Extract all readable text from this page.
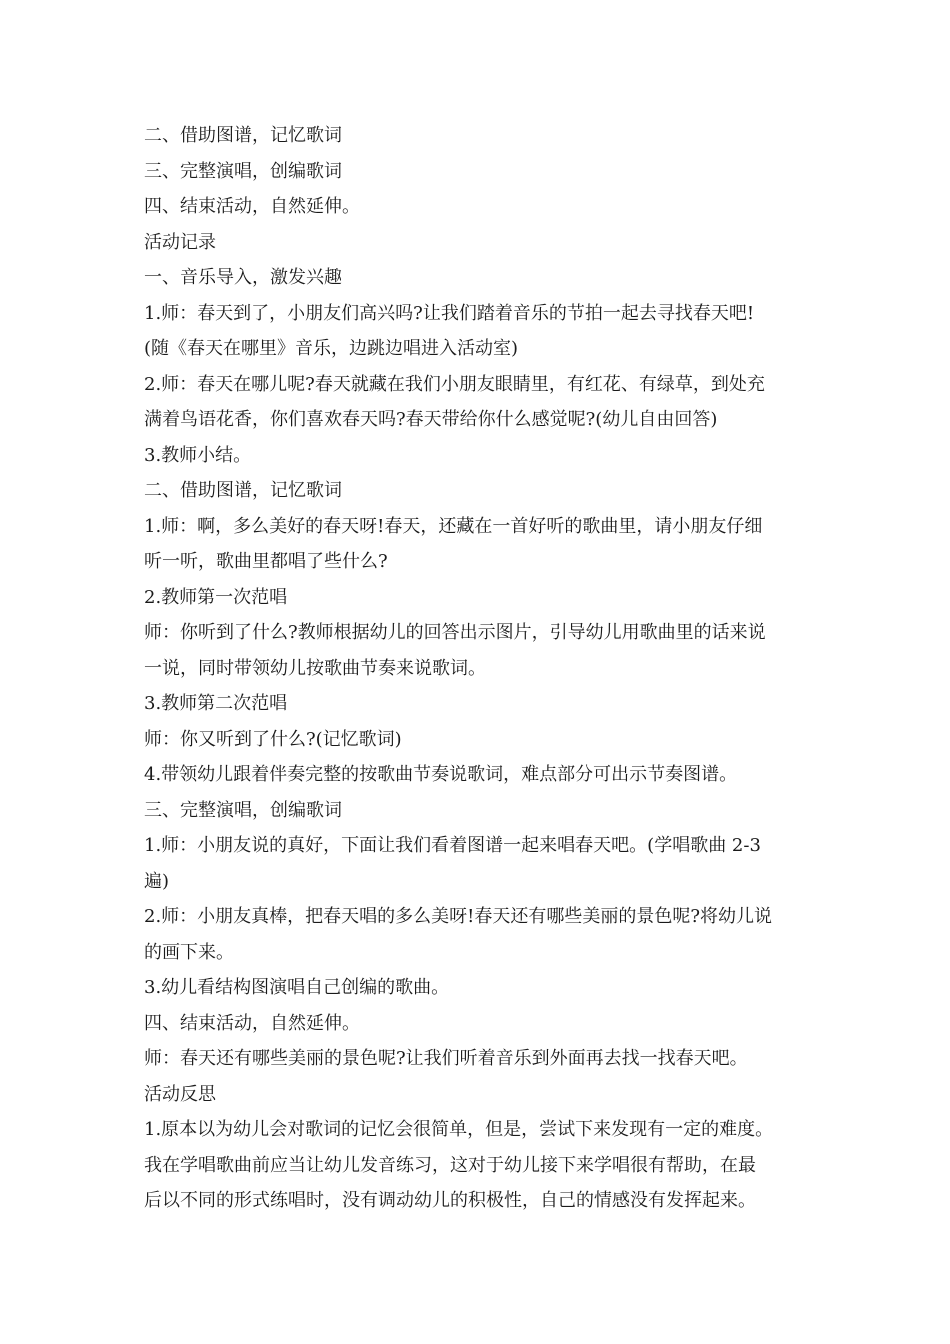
二、借助图谱，记忆歌词
三、完整演唱，创编歌词
四、结束活动，自然延伸。
活动记录
一、音乐导入，激发兴趣
1.师：春天到了，小朋友们高兴吗?让我们踏着音乐的节拍一起去寻找春天吧!
(随《春天在哪里》音乐，边跳边唱进入活动室)
2.师：春天在哪儿呢?春天就藏在我们小朋友眼睛里，有红花、有绿草，到处充
满着鸟语花香，你们喜欢春天吗?春天带给你什么感觉呢?(幼儿自由回答)
3.教师小结。
二、借助图谱，记忆歌词
1.师：啊，多么美好的春天呀!春天，还藏在一首好听的歌曲里，请小朋友仔细
听一听，歌曲里都唱了些什么?
2.教师第一次范唱
师：你听到了什么?教师根据幼儿的回答出示图片，引导幼儿用歌曲里的话来说
一说，同时带领幼儿按歌曲节奏来说歌词。
3.教师第二次范唱
师：你又听到了什么?(记忆歌词)
4.带领幼儿跟着伴奏完整的按歌曲节奏说歌词，难点部分可出示节奏图谱。
三、完整演唱，创编歌词
1.师：小朋友说的真好，下面让我们看着图谱一起来唱春天吧。(学唱歌曲 2-3
遍)
2.师：小朋友真棒，把春天唱的多么美呀!春天还有哪些美丽的景色呢?将幼儿说
的画下来。
3.幼儿看结构图演唱自己创编的歌曲。
四、结束活动，自然延伸。
师：春天还有哪些美丽的景色呢?让我们听着音乐到外面再去找一找春天吧。
活动反思
1.原本以为幼儿会对歌词的记忆会很简单，但是，尝试下来发现有一定的难度。
我在学唱歌曲前应当让幼儿发音练习，这对于幼儿接下来学唱很有帮助，在最
后以不同的形式练唱时，没有调动幼儿的积极性，自己的情感没有发挥起来。
